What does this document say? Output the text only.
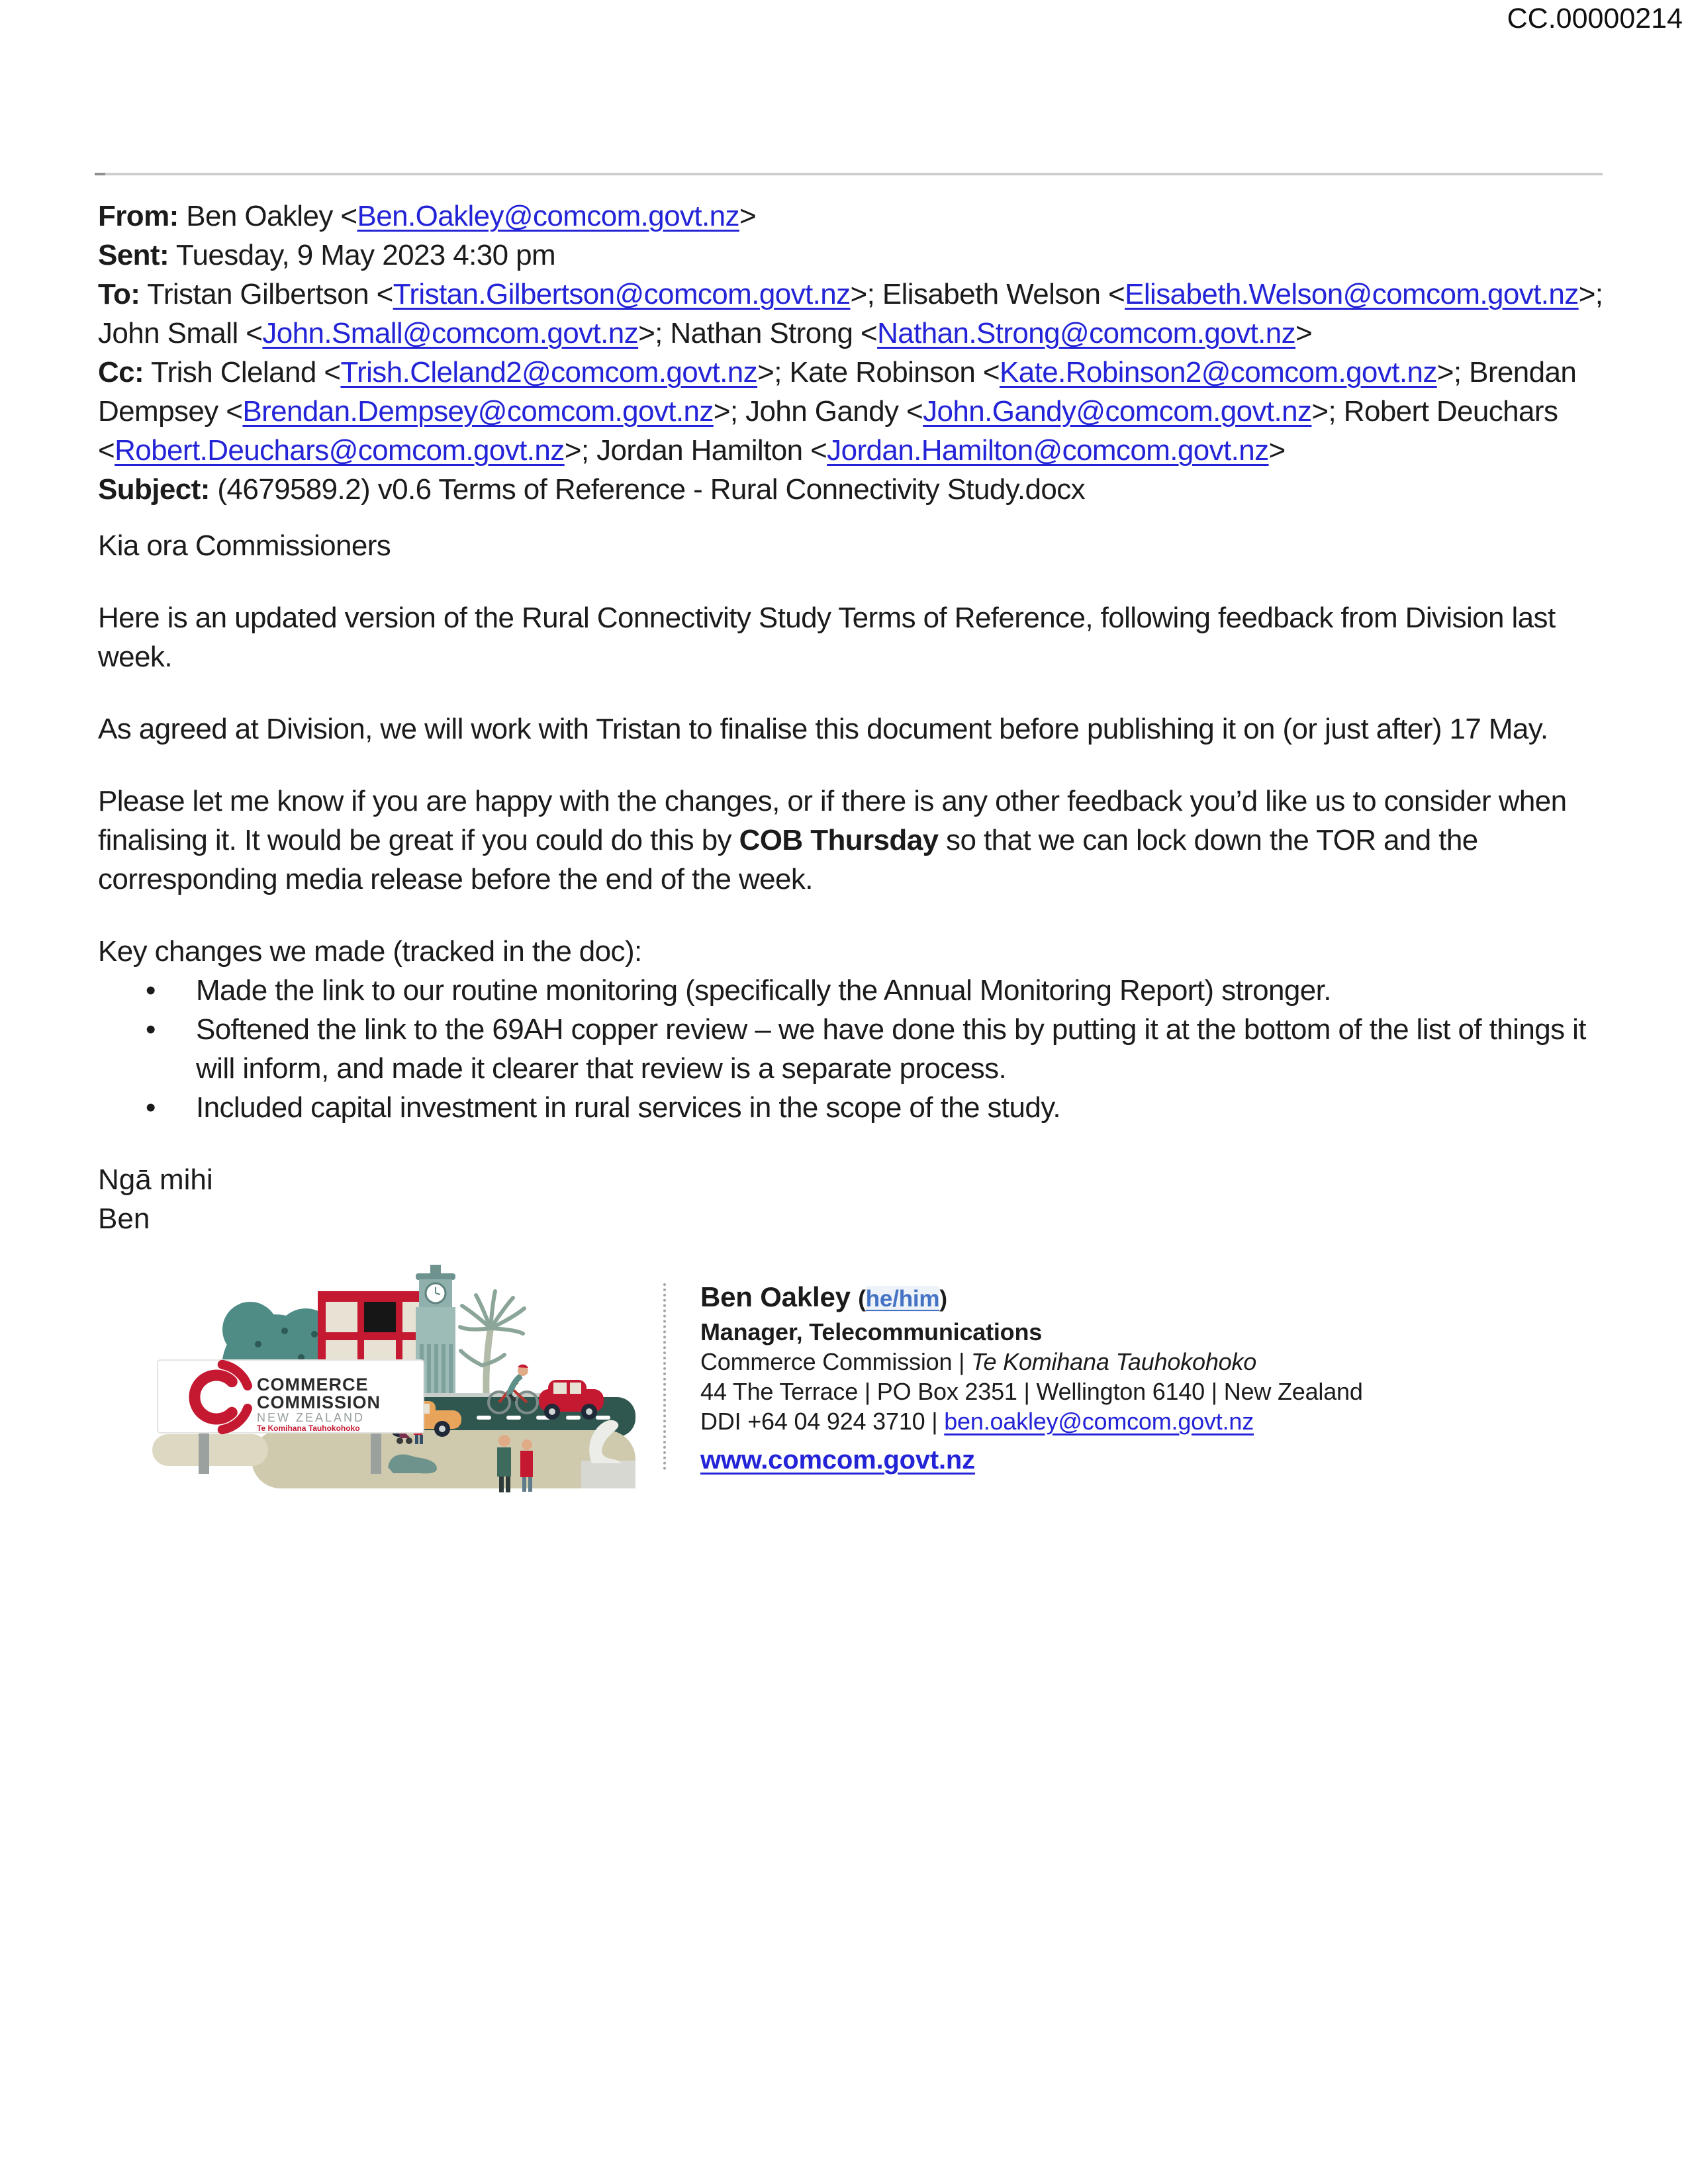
CC.00000214
From: Ben Oakley <Ben.Oakley@comcom.govt.nz>
Sent: Tuesday, 9 May 2023 4:30 pm
To: Tristan Gilbertson <Tristan.Gilbertson@comcom.govt.nz>; Elisabeth Welson <Elisabeth.Welson@comcom.govt.nz>;
John Small <John.Small@comcom.govt.nz>; Nathan Strong <Nathan.Strong@comcom.govt.nz>
Cc: Trish Cleland <Trish.Cleland2@comcom.govt.nz>; Kate Robinson <Kate.Robinson2@comcom.govt.nz>; Brendan
Dempsey <Brendan.Dempsey@comcom.govt.nz>; John Gandy <John.Gandy@comcom.govt.nz>; Robert Deuchars
<Robert.Deuchars@comcom.govt.nz>; Jordan Hamilton <Jordan.Hamilton@comcom.govt.nz>
Subject: (4679589.2) v0.6 Terms of Reference - Rural Connectivity Study.docx
Kia ora Commissioners
Here is an updated version of the Rural Connectivity Study Terms of Reference, following feedback from Division last week.
As agreed at Division, we will work with Tristan to finalise this document before publishing it on (or just after) 17 May.
Please let me know if you are happy with the changes, or if there is any other feedback you’d like us to consider when finalising it. It would be great if you could do this by COB Thursday so that we can lock down the TOR and the corresponding media release before the end of the week.
Key changes we made (tracked in the doc):
• Made the link to our routine monitoring (specifically the Annual Monitoring Report) stronger.
• Softened the link to the 69AH copper review – we have done this by putting it at the bottom of the list of things it will inform, and made it clearer that review is a separate process.
• Included capital investment in rural services in the scope of the study.
Ngā mihi
Ben
COMMERCE
COMMISSION
NEW ZEALAND
Te Komihana Tauhokohoko
Ben Oakley (he/him)
Manager, Telecommunications
Commerce Commission | Te Komihana Tauhokohoko
44 The Terrace | PO Box 2351 | Wellington 6140 | New Zealand
DDI +64 04 924 3710 | ben.oakley@comcom.govt.nz
www.comcom.govt.nz
